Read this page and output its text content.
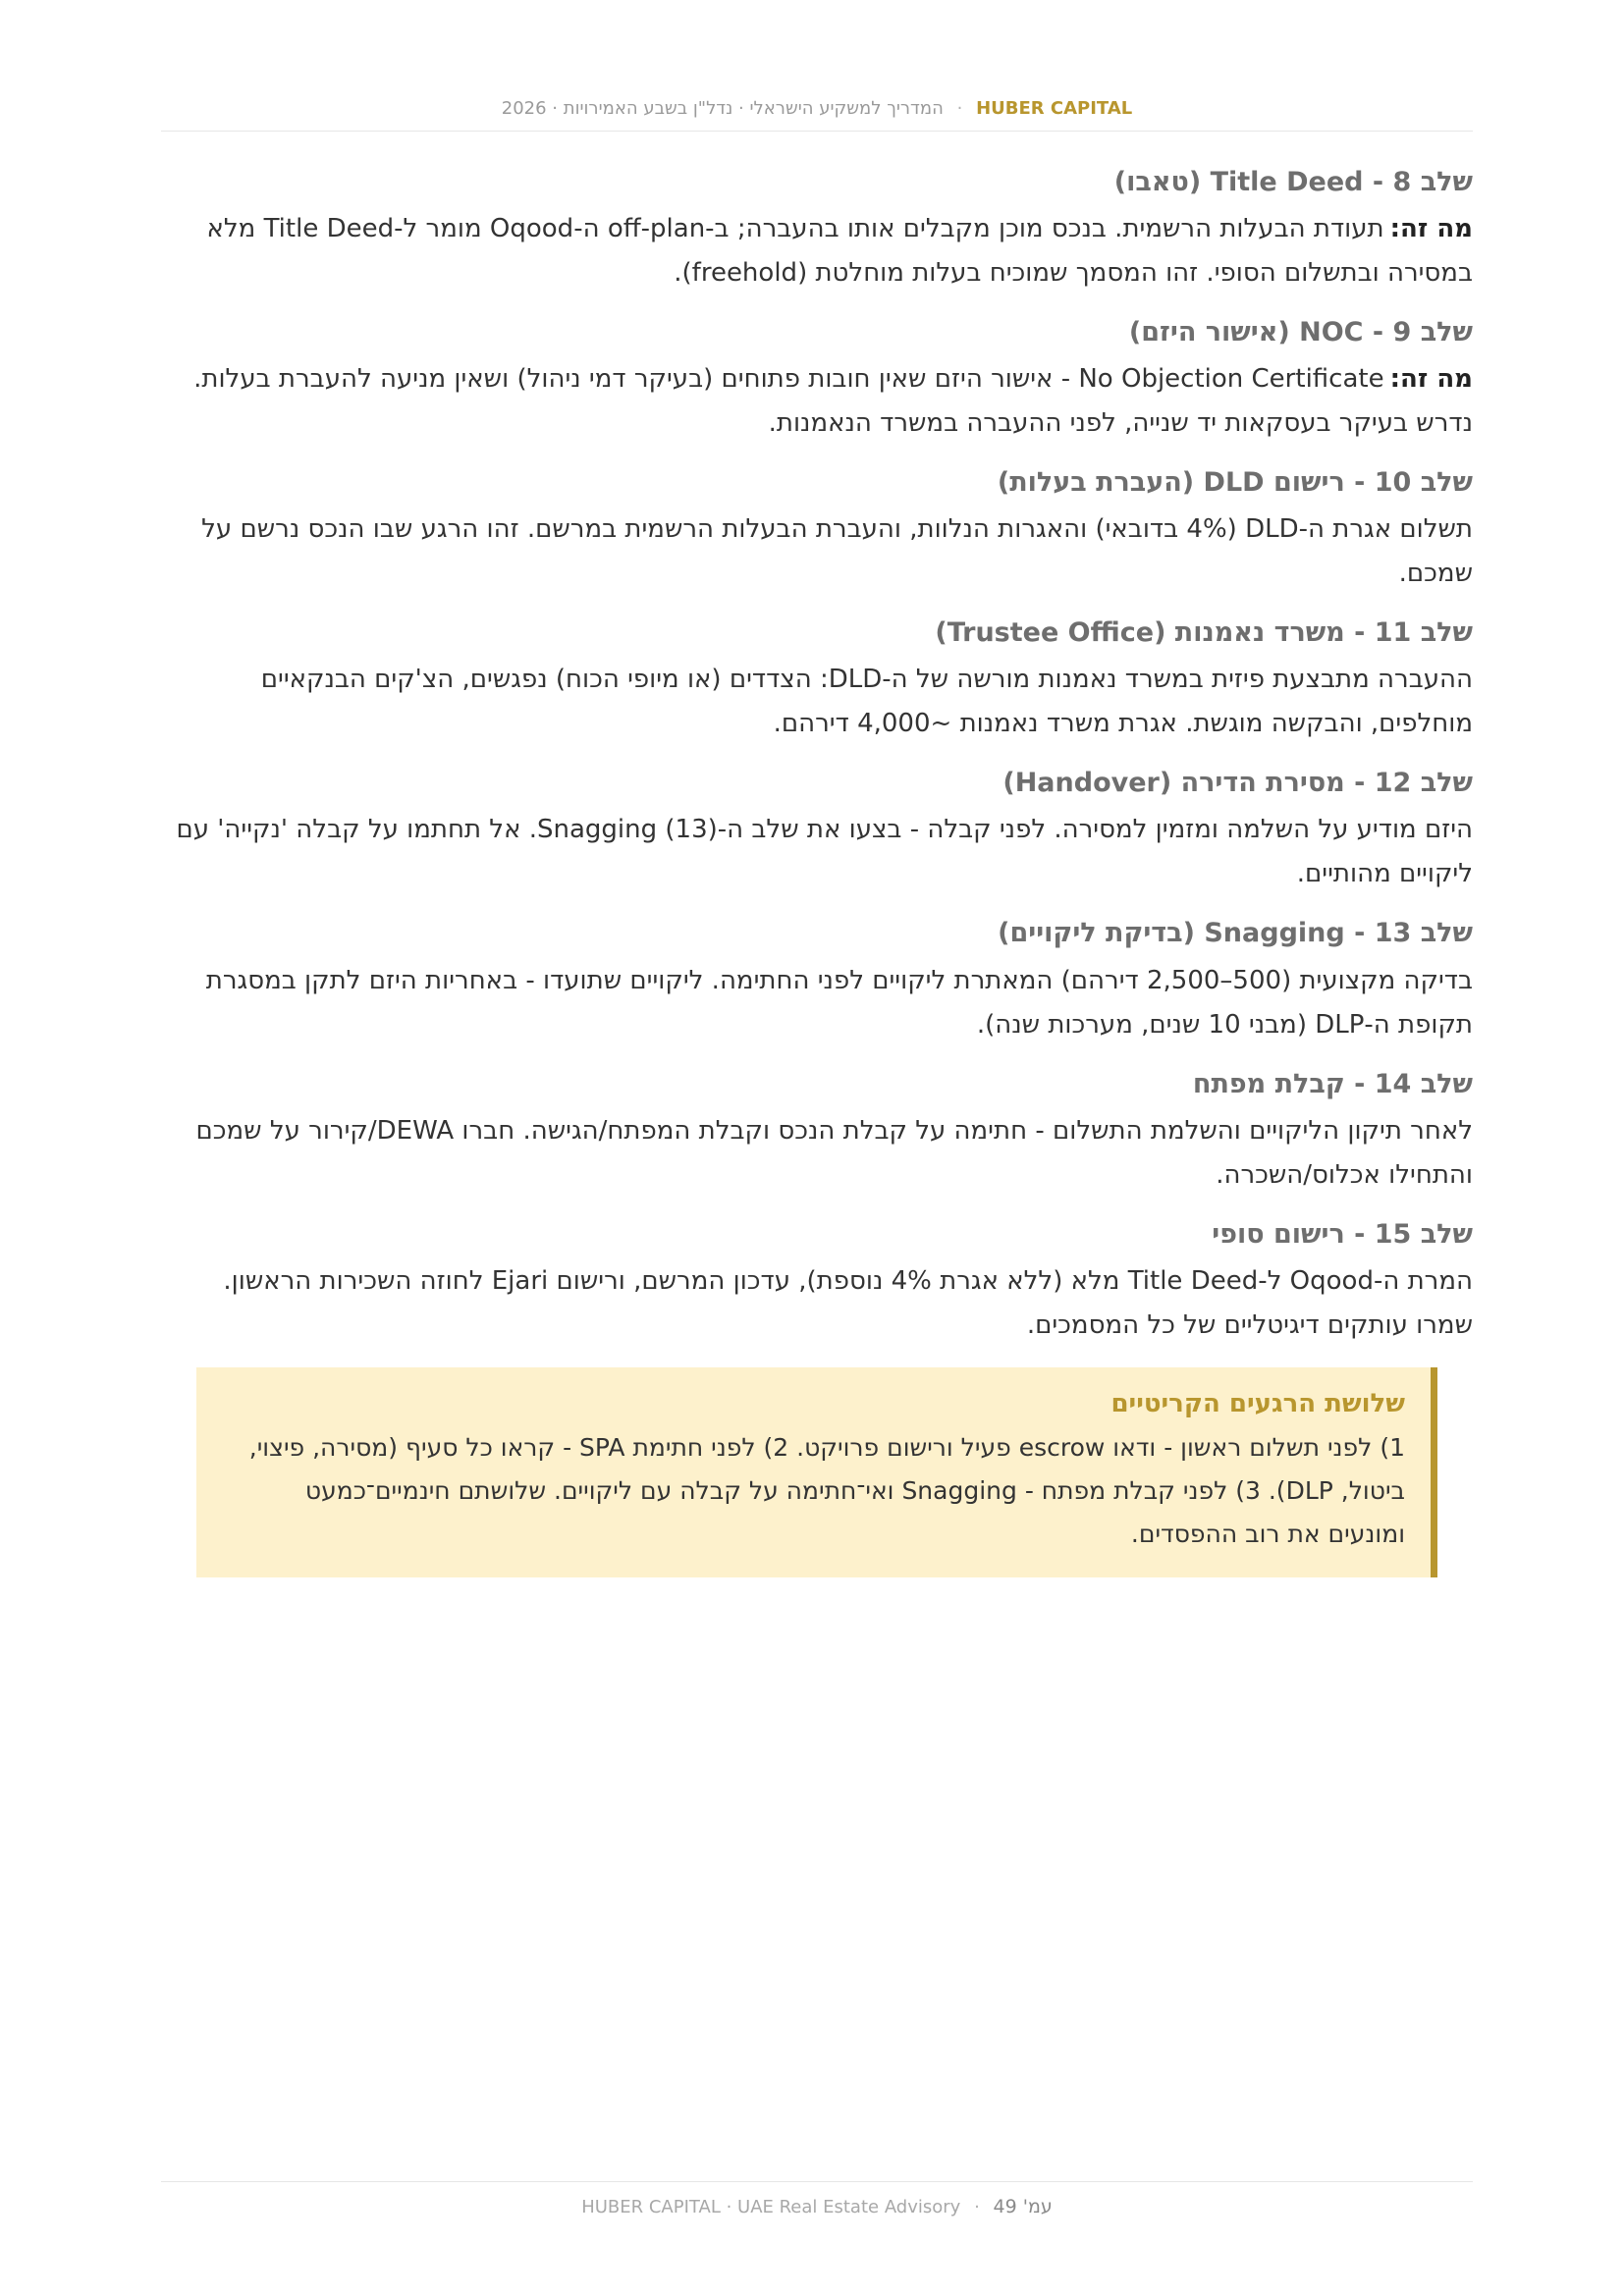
HUBER CAPITAL · המדריך למשקיע הישראלי · נדל"ן בשבע האמירויות · 2026
שלב 8 - Title Deed (טאבו)

מה זה:תעודת הבעלות הרשמית. בנכס מוכן מקבלים אותו בהעברה; ב-off-plan ה-Oqood מומר ל-Title Deed מלא במסירה ובתשלום הסופי. זהו המסמך שמוכיח בעלות מוחלטת (freehold).

שלב 9 - NOC (אישור היזם)

מה זה:No Objection Certificate - אישור היזם שאין חובות פתוחים (בעיקר דמי ניהול) ושאין מניעה להעברת בעלות. נדרש בעיקר בעסקאות יד שנייה, לפני ההעברה במשרד הנאמנות.

שלב 10 - רישום DLD (העברת בעלות)

תשלום אגרת ה-DLD (4% בדובאי) והאגרות הנלוות, והעברת הבעלות הרשמית במרשם. זהו הרגע שבו הנכס נרשם על שמכם.

שלב 11 - משרד נאמנות (Trustee Office)

ההעברה מתבצעת פיזית במשרד נאמנות מורשה של ה-DLD: הצדדים (או מיופי הכוח) נפגשים, הצ'קים הבנקאיים מוחלפים, והבקשה מוגשת. אגרת משרד נאמנות ~4,000 דירהם.

שלב 12 - מסירת הדירה (Handover)

היזם מודיע על השלמה ומזמין למסירה. לפני קבלה - בצעו את שלב ה-Snagging (13). אל תחתמו על קבלה 'נקייה' עם ליקויים מהותיים.

שלב 13 - Snagging (בדיקת ליקויים)

בדיקה מקצועית (500–2,500 דירהם) המאתרת ליקויים לפני החתימה. ליקויים שתועדו - באחריות היזם לתקן במסגרת תקופת ה-DLP (מבני 10 שנים, מערכות שנה).

שלב 14 - קבלת מפתח

לאחר תיקון הליקויים והשלמת התשלום - חתימה על קבלת הנכס וקבלת המפתח/הגישה. חברו DEWA/קירור על שמכם והתחילו אכלוס/השכרה.

שלב 15 - רישום סופי

המרת ה-Oqood ל-Title Deed מלא (ללא אגרת 4% נוספת), עדכון המרשם, ורישום Ejari לחוזה השכירות הראשון. שמרו עותקים דיגיטליים של כל המסמכים.

שלושת הרגעים הקריטיים

1) לפני תשלום ראשון - ודאו escrow פעיל ורישום פרויקט. 2) לפני חתימת SPA - קראו כל סעיף (מסירה, פיצוי, ביטול, DLP). 3) לפני קבלת מפתח - Snagging ואי־חתימה על קבלה עם ליקויים. שלושתם חינמיים־כמעט ומונעים את רוב ההפסדים.

עמ' 49 · HUBER CAPITAL · UAE Real Estate Advisory
